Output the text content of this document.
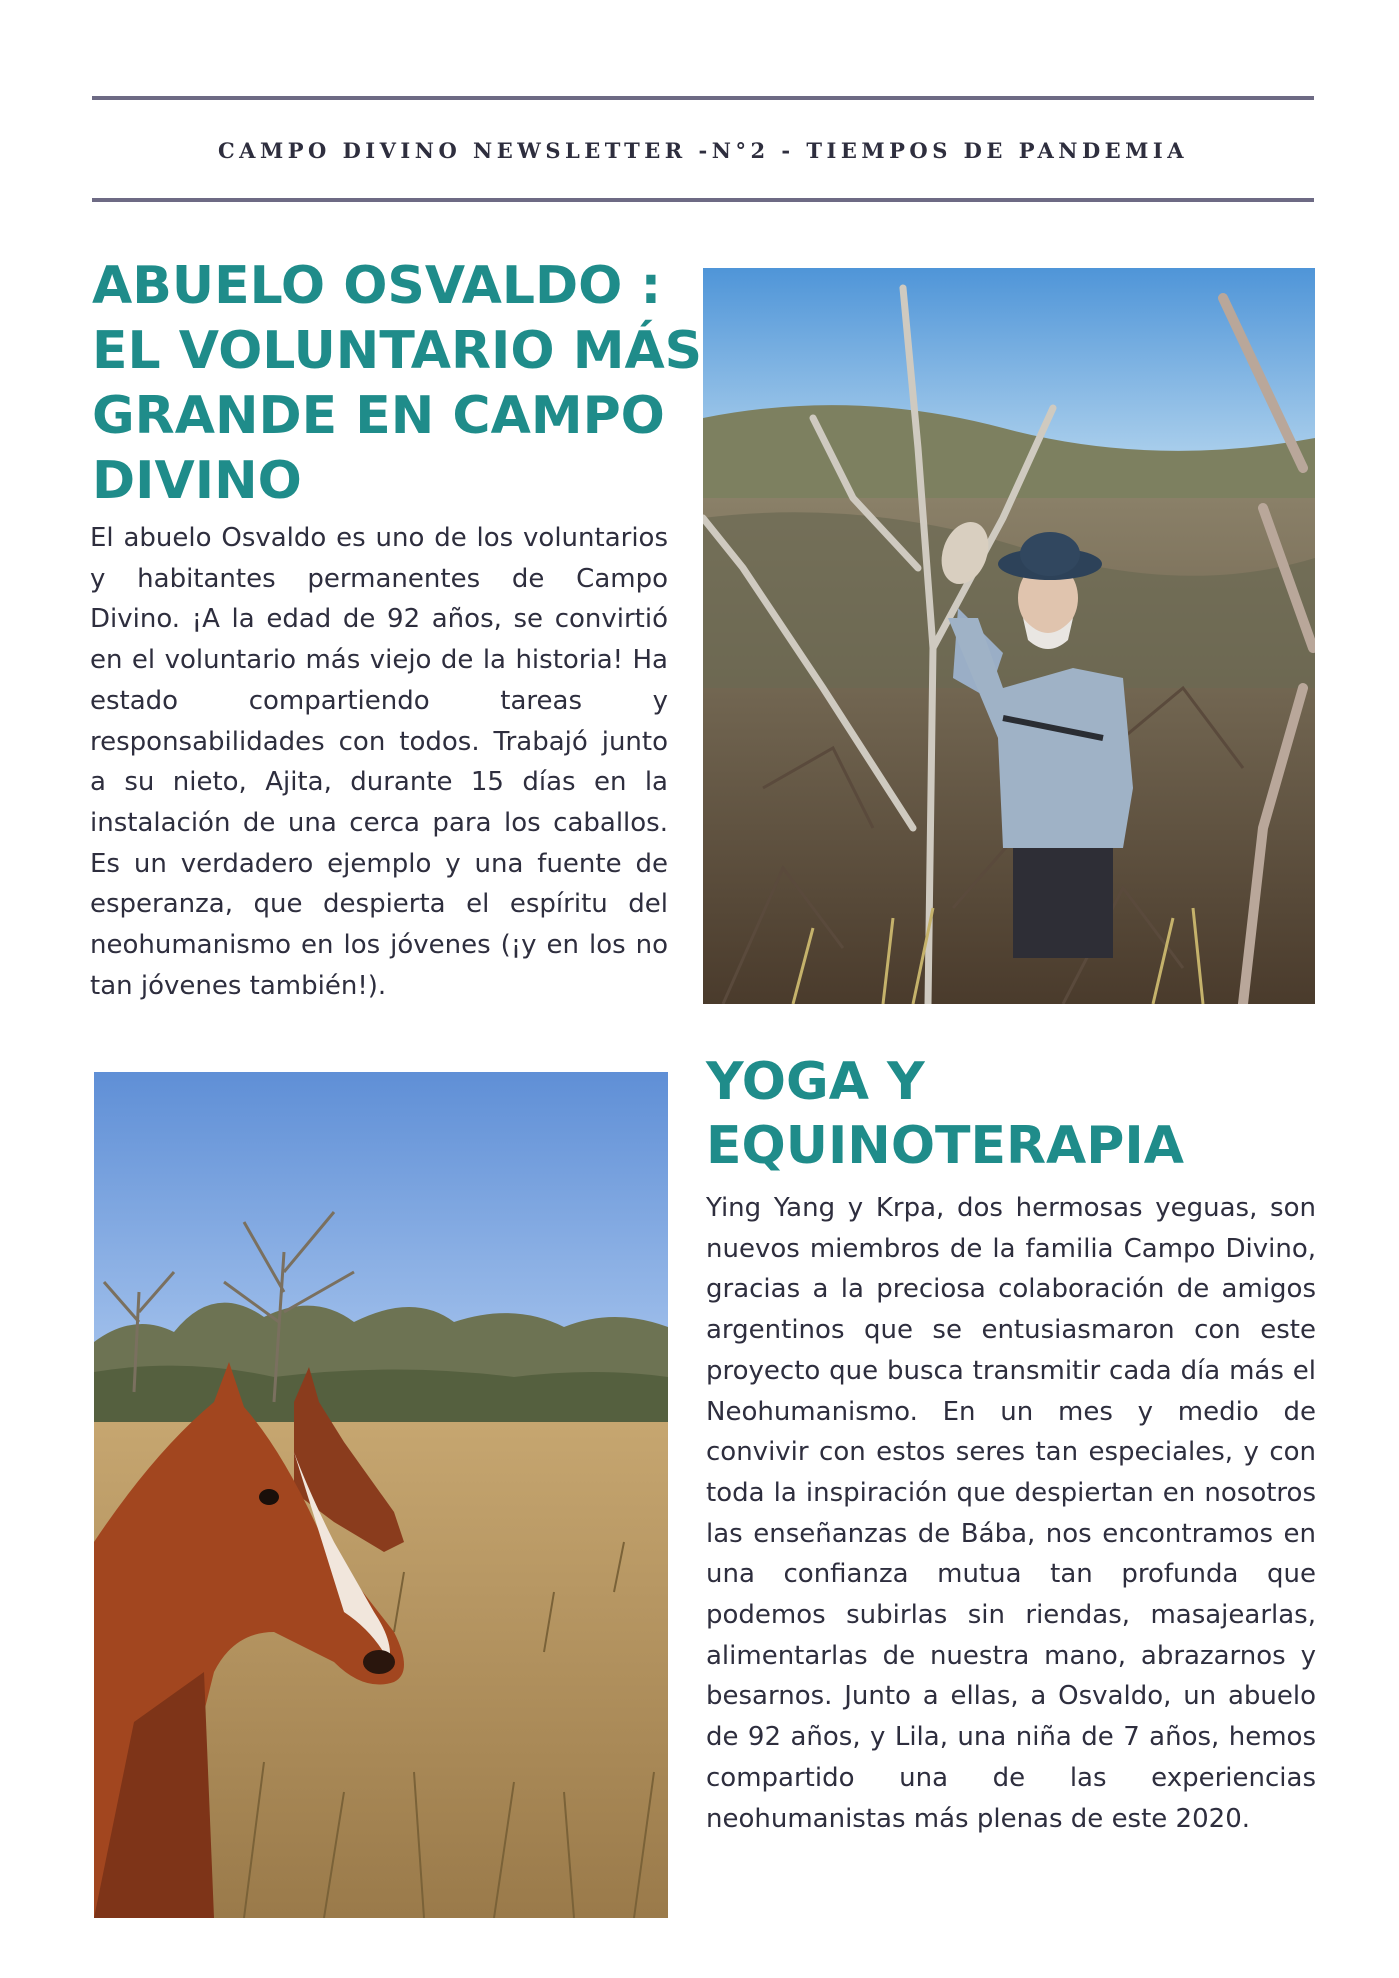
CAMPO DIVINO NEWSLETTER -N°2 - TIEMPOS DE PANDEMIA
ABUELO OSVALDO :
EL VOLUNTARIO MÁS
GRANDE EN CAMPO
DIVINO

El abuelo Osvaldo es uno de los voluntarios y habitantes permanentes de Campo Divino. ¡A la edad de 92 años, se convirtió en el voluntario más viejo de la historia! Ha estado compartiendo tareas y responsabilidades con todos. Trabajó junto a su nieto, Ajita, durante 15 días en la instalación de una cerca para los caballos. Es un verdadero ejemplo y una fuente de esperanza, que despierta el espíritu del neohumanismo en los jóvenes (¡y en los no tan jóvenes también!).

YOGA Y
EQUINOTERAPIA

Ying Yang y Krpa, dos hermosas yeguas, son nuevos miembros de la familia Campo Divino, gracias a la preciosa colaboración de amigos argentinos que se entusiasmaron con este proyecto que busca transmitir cada día más el Neohumanismo. En un mes y medio de convivir con estos seres tan especiales, y con toda la inspiración que despiertan en nosotros las enseñanzas de Bába, nos encontramos en una confianza mutua tan profunda que podemos subirlas sin riendas, masajearlas, alimentarlas de nuestra mano, abrazarnos y besarnos. Junto a ellas, a Osvaldo, un abuelo de 92 años, y Lila, una niña de 7 años, hemos compartido una de las experiencias neohumanistas más plenas de este 2020.
